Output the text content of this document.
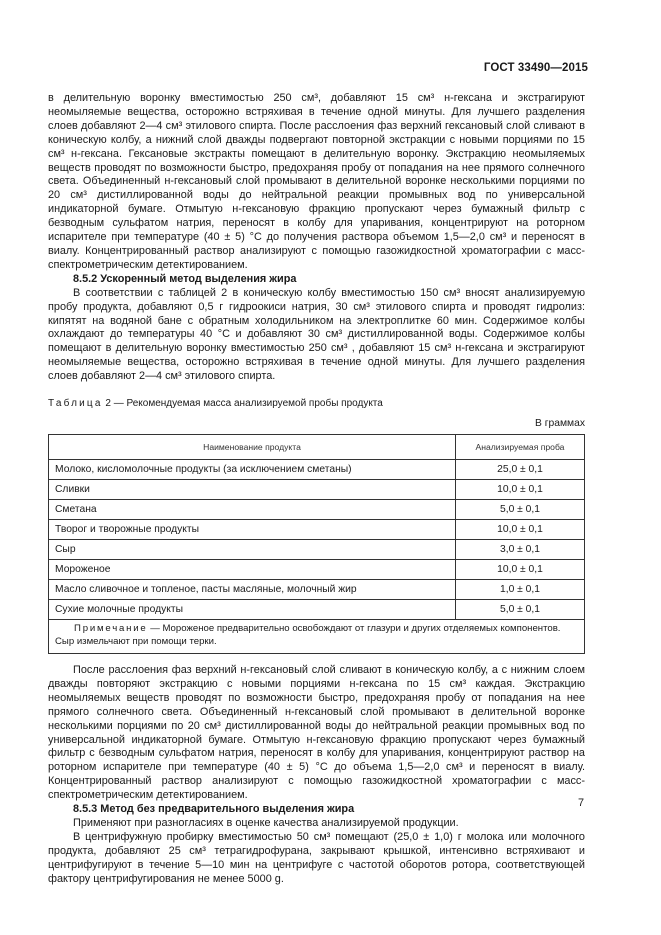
ГОСТ 33490—2015

в делительную воронку вместимостью 250 см³, добавляют 15 см³ н-гексана и экстрагируют неомыляемые вещества, осторожно встряхивая в течение одной минуты. Для лучшего разделения слоев добавляют 2—4 см³ этилового спирта. После расслоения фаз верхний гексановый слой сливают в коническую колбу, а нижний слой дважды подвергают повторной экстракции с новыми порциями по 15 см³ н-гексана. Гексановые экстракты помещают в делительную воронку. Экстракцию неомыляемых веществ проводят по возможности быстро, предохраняя пробу от попадания на нее прямого солнечного света. Объединенный н-гексановый слой промывают в делительной воронке несколькими порциями по 20 см³ дистиллированной воды до нейтральной реакции промывных вод по универсальной индикаторной бумаге. Отмытую н-гексановую фракцию пропускают через бумажный фильтр с безводным сульфатом натрия, переносят в колбу для упаривания, концентрируют на роторном испарителе при температуре (40 ± 5) °С до получения раствора объемом 1,5—2,0 см³ и переносят в виалу. Концентрированный раствор анализируют с помощью газожидкостной хроматографии с масс-спектрометрическим детектированием.

8.5.2 Ускоренный метод выделения жира

В соответствии с таблицей 2 в коническую колбу вместимостью 150 см³ вносят анализируемую пробу продукта, добавляют 0,5 г гидроокиси натрия, 30 см³ этилового спирта и проводят гидролиз: кипятят на водяной бане с обратным холодильником на электроплитке 60 мин. Содержимое колбы охлаждают до температуры 40 °С и добавляют 30 см³ дистиллированной воды. Содержимое колбы помещают в делительную воронку вместимостью 250 см³ , добавляют 15 см³ н-гексана и экстрагируют неомыляемые вещества, осторожно встряхивая в течение одной минуты. Для лучшего разделения слоев добавляют 2—4 см³ этилового спирта.

Таблица 2 — Рекомендуемая масса анализируемой пробы продукта
В граммах
Наименование продукта	Анализируемая проба
Молоко, кисломолочные продукты (за исключением сметаны)	25,0 ± 0,1
Сливки	10,0 ± 0,1
Сметана	5,0 ± 0,1
Творог и творожные продукты	10,0 ± 0,1
Сыр	3,0 ± 0,1
Мороженое	10,0 ± 0,1
Масло сливочное и топленое, пасты масляные, молочный жир	1,0 ± 0,1
Сухие молочные продукты	5,0 ± 0,1
Примечание — Мороженое предварительно освобождают от глазури и других отделяемых компонентов. Сыр измельчают при помощи терки.	

После расслоения фаз верхний н-гексановый слой сливают в коническую колбу, а с нижним слоем дважды повторяют экстракцию с новыми порциями н-гексана по 15 см³ каждая. Экстракцию неомыляемых веществ проводят по возможности быстро, предохраняя пробу от попадания на нее прямого солнечного света. Объединенный н-гексановый слой промывают в делительной воронке несколькими порциями по 20 см³ дистиллированной воды до нейтральной реакции промывных вод по универсальной индикаторной бумаге. Отмытую н-гексановую фракцию пропускают через бумажный фильтр с безводным сульфатом натрия, переносят в колбу для упаривания, концентрируют раствор на роторном испарителе при температуре (40 ± 5) °С до объема 1,5—2,0 см³ и переносят в виалу. Концентрированный раствор анализируют с помощью газожидкостной хроматографии с масс-спектрометрическим детектированием.

8.5.3 Метод без предварительного выделения жира

Применяют при разногласиях в оценке качества анализируемой продукции.

В центрифужную пробирку вместимостью 50 см³ помещают (25,0 ± 1,0) г молока или молочного продукта, добавляют 25 см³ тетрагидрофурана, закрывают крышкой, интенсивно встряхивают и центрифугируют в течение 5—10 мин на центрифуге с частотой оборотов ротора, соответствующей фактору центрифугирования не менее 5000 g.

7
